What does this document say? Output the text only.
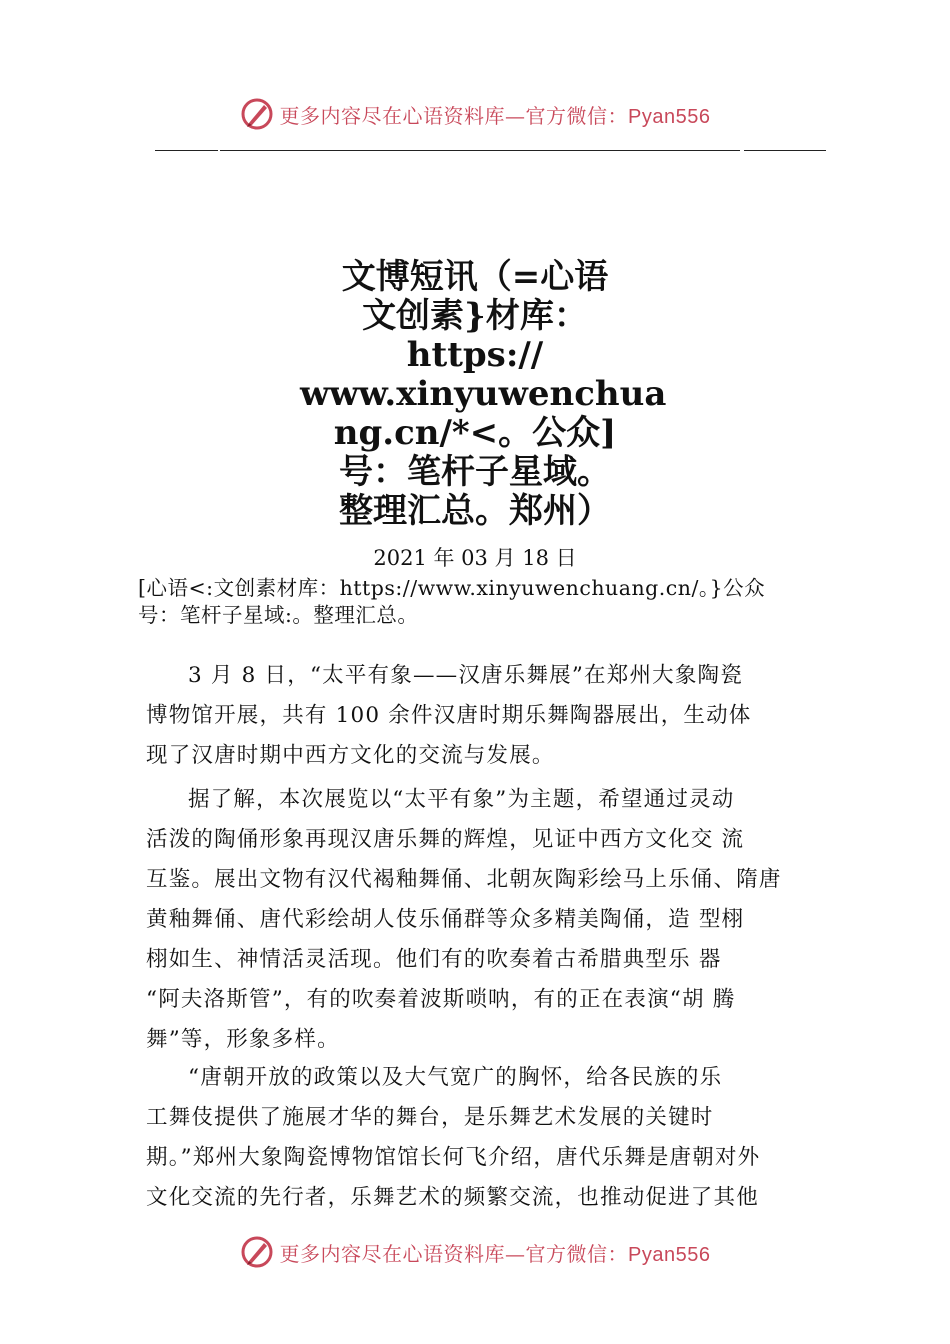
更多内容尽在心语资料库—官方微信：Pyan556
文博短讯（=心语
文创素}材库：
https://
www.xinyuwenchua
ng.cn/*<。公众]
号：笔杆子星域。
整理汇总。郑州）
2021 年 03 月 18 日
[心语<:文创素材库：https://www.xinyuwenchuang.cn/。}公众
号：笔杆子星域:。整理汇总。
3 月 8 日，“太平有象——汉唐乐舞展”在郑州大象陶瓷
博物馆开展，共有 100 余件汉唐时期乐舞陶器展出，生动体
现了汉唐时期中西方文化的交流与发展。
据了解，本次展览以“太平有象”为主题，希望通过灵动
活泼的陶俑形象再现汉唐乐舞的辉煌，见证中西方文化交 流
互鉴。展出文物有汉代褐釉舞俑、北朝灰陶彩绘马上乐俑、隋唐
黄釉舞俑、唐代彩绘胡人伎乐俑群等众多精美陶俑，造 型栩
栩如生、神情活灵活现。他们有的吹奏着古希腊典型乐 器
“阿夫洛斯管”，有的吹奏着波斯唢呐，有的正在表演“胡 腾
舞”等，形象多样。
“唐朝开放的政策以及大气宽广的胸怀，给各民族的乐
工舞伎提供了施展才华的舞台，是乐舞艺术发展的关键时
期。”郑州大象陶瓷博物馆馆长何飞介绍，唐代乐舞是唐朝对外
文化交流的先行者，乐舞艺术的频繁交流，也推动促进了其他
更多内容尽在心语资料库—官方微信：Pyan556
